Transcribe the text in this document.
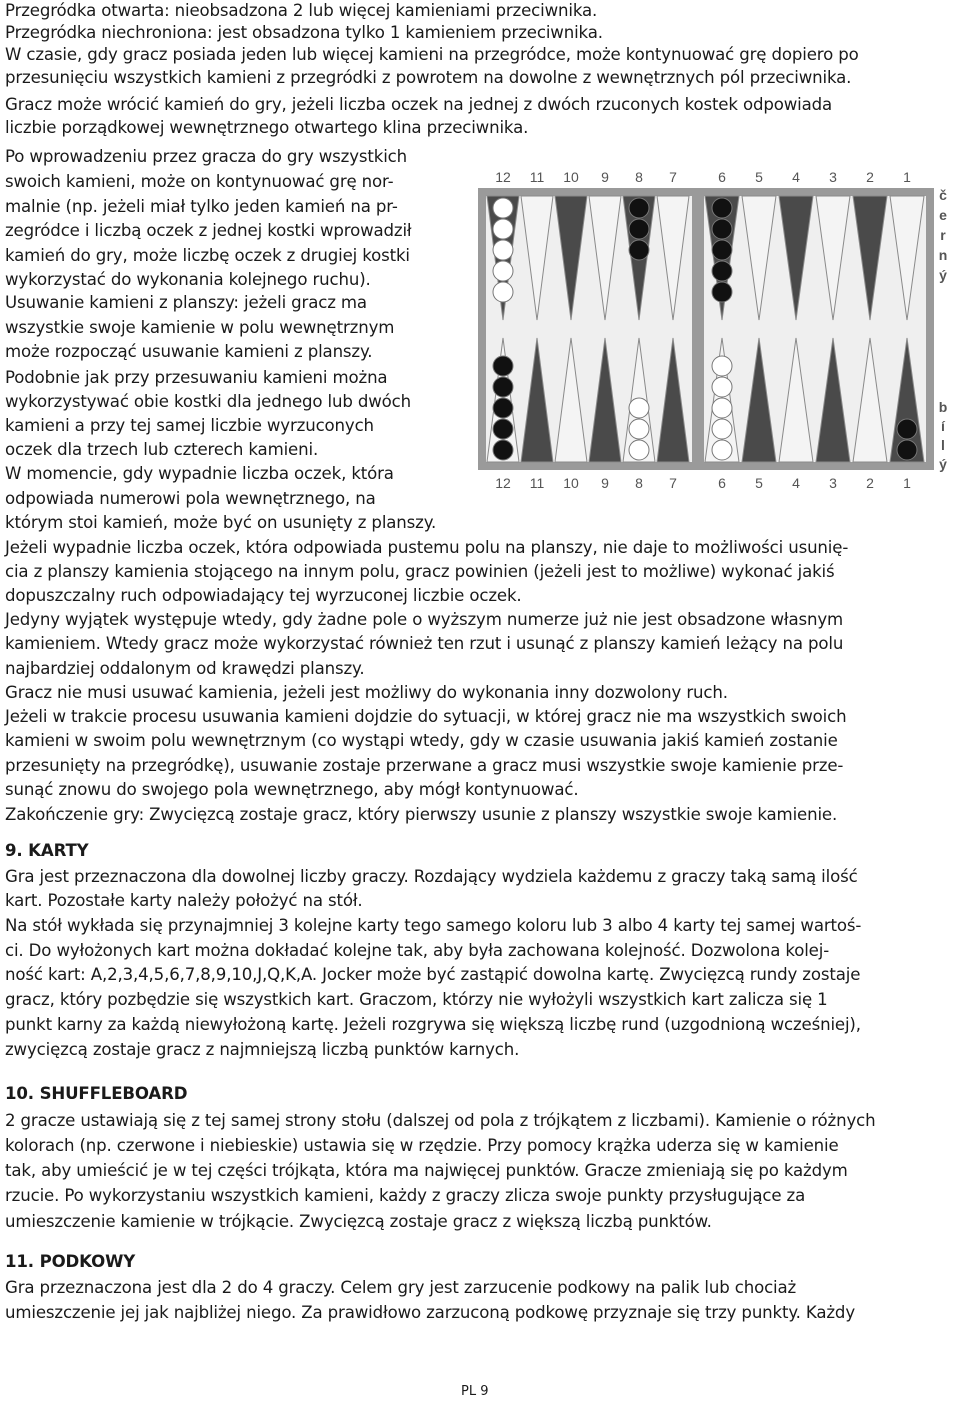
Przegródka otwarta: nieobsadzona 2 lub więcej kamieniami przeciwnika.
Przegródka niechroniona: jest obsadzona tylko 1 kamieniem przeciwnika.
W czasie, gdy gracz posiada jeden lub więcej kamieni na przegródce, może kontynuować grę dopiero po
przesunięciu wszystkich kamieni z przegródki z powrotem na dowolne z wewnętrznych pól przeciwnika.
Gracz może wrócić kamień do gry, jeżeli liczba oczek na jednej z dwóch rzuconych kostek odpowiada
liczbie porządkowej wewnętrznego otwartego klina przeciwnika.
Po wprowadzeniu przez gracza do gry wszystkich
swoich kamieni, może on kontynuować grę nor-
malnie (np. jeżeli miał tylko jeden kamień na pr-
zegródce i liczbą oczek z jednej kostki wprowadził
kamień do gry, może liczbę oczek z drugiej kostki
wykorzystać do wykonania kolejnego ruchu).
Usuwanie kamieni z planszy: jeżeli gracz ma
wszystkie swoje kamienie w polu wewnętrznym
może rozpocząć usuwanie kamieni z planszy.
Podobnie jak przy przesuwaniu kamieni można
wykorzystywać obie kostki dla jednego lub dwóch
kamieni a przy tej samej liczbie wyrzuconych
oczek dla trzech lub czterech kamieni.
W momencie, gdy wypadnie liczba oczek, która
odpowiada numerowi pola wewnętrznego, na
którym stoi kamień, może być on usunięty z planszy.
Jeżeli wypadnie liczba oczek, która odpowiada pustemu polu na planszy, nie daje to możliwości usunię-
cia z planszy kamienia stojącego na innym polu, gracz powinien (jeżeli jest to możliwe) wykonać jakiś
dopuszczalny ruch odpowiadający tej wyrzuconej liczbie oczek.
Jedyny wyjątek występuje wtedy, gdy żadne pole o wyższym numerze już nie jest obsadzone własnym
kamieniem. Wtedy gracz może wykorzystać również ten rzut i usunąć z planszy kamień leżący na polu
najbardziej oddalonym od krawędzi planszy.
Gracz nie musi usuwać kamienia, jeżeli jest możliwy do wykonania inny dozwolony ruch.
Jeżeli w trakcie procesu usuwania kamieni dojdzie do sytuacji, w której gracz nie ma wszystkich swoich
kamieni w swoim polu wewnętrznym (co wystąpi wtedy, gdy w czasie usuwania jakiś kamień zostanie
przesunięty na przegródkę), usuwanie zostaje przerwane a gracz musi wszystkie swoje kamienie prze-
sunąć znowu do swojego pola wewnętrznego, aby mógł kontynuować.
Zakończenie gry: Zwycięzcą zostaje gracz, który pierwszy usunie z planszy wszystkie swoje kamienie.
9. KARTY
Gra jest przeznaczona dla dowolnej liczby graczy. Rozdający wydziela każdemu z graczy taką samą ilość
kart. Pozostałe karty należy położyć na stół.
Na stół wykłada się przynajmniej 3 kolejne karty tego samego koloru lub 3 albo 4 karty tej samej wartoś-
ci. Do wyłożonych kart można dokładać kolejne tak, aby była zachowana kolejność. Dozwolona kolej-
ność kart: A,2,3,4,5,6,7,8,9,10,J,Q,K,A. Jocker może być zastąpić dowolna kartę. Zwycięzcą rundy zostaje
gracz, który pozbędzie się wszystkich kart. Graczom, którzy nie wyłożyli wszystkich kart zalicza się 1
punkt karny za każdą niewyłożoną kartę. Jeżeli rozgrywa się większą liczbę rund (uzgodnioną wcześniej),
zwycięzcą zostaje gracz z najmniejszą liczbą punktów karnych.
10. SHUFFLEBOARD
2 gracze ustawiają się z tej samej strony stołu (dalszej od pola z trójkątem z liczbami). Kamienie o różnych
kolorach (np. czerwone i niebieskie) ustawia się w rzędzie. Przy pomocy krążka uderza się w kamienie
tak, aby umieścić je w tej części trójkąta, która ma najwięcej punktów. Gracze zmieniają się po każdym
rzucie. Po wykorzystaniu wszystkich kamieni, każdy z graczy zlicza swoje punkty przysługujące za
umieszczenie kamienie w trójkącie. Zwycięzcą zostaje gracz z większą liczbą punktów.
11. PODKOWY
Gra przeznaczona jest dla 2 do 4 graczy. Celem gry jest zarzucenie podkowy na palik lub chociaż
umieszczenie jej jak najbliżej niego. Za prawidłowo zarzuconą podkowę przyznaje się trzy punkty. Każdy
12 11 10 9 8 7	6 5 4 3 2 1
12 11 10 9 8 7	6 5 4 3 2 1
č
e
r
n
ý
b
í
l
ý
PL 9
